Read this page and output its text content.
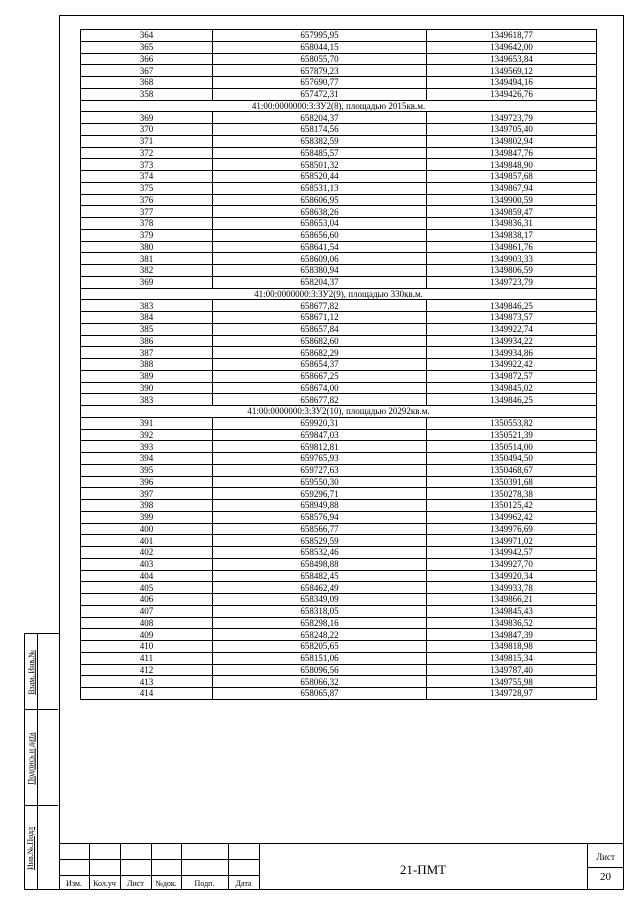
364	657995,95	1349618,77
365	658044,15	1349642,00
366	658055,70	1349653,84
367	657879,23	1349569,12
368	657690,77	1349494,16
358	657472,31	1349426,76
41:00:0000000:3:ЗУ2(8), площадью 2015кв.м.		
369	658204,37	1349723,79
370	658174,56	1349705,40
371	658382,59	1349802,94
372	658485,57	1349847,76
373	658501,32	1349848,90
374	658520,44	1349857,68
375	658531,13	1349867,94
376	658606,95	1349900,59
377	658638,26	1349859,47
378	658653,04	1349836,31
379	658656,60	1349838,17
380	658641,54	1349861,76
381	658609,06	1349903,33
382	658380,94	1349806,59
369	658204,37	1349723,79
41:00:0000000:3:ЗУ2(9), площадью 330кв.м.		
383	658677,82	1349846,25
384	658671,12	1349873,57
385	658657,84	1349922,74
386	658682,60	1349934,22
387	658682,29	1349934,86
388	658654,37	1349922,42
389	658667,25	1349872,57
390	658674,00	1349845,02
383	658677,82	1349846,25
41:00:0000000:3:ЗУ2(10), площадью 20292кв.м.		
391	659920,31	1350553,82
392	659847,03	1350521,39
393	659812,81	1350514,00
394	659765,93	1350494,50
395	659727,63	1350468,67
396	659550,30	1350391,68
397	659296,71	1350278,38
398	658949,88	1350125,42
399	658576,94	1349962,42
400	658566,77	1349976,69
401	658529,59	1349971,02
402	658532,46	1349942,57
403	658498,88	1349927,70
404	658482,45	1349920,34
405	658462,49	1349933,78
406	658349,09	1349866,21
407	658318,05	1349845,43
408	658298,16	1349836,52
409	658248,22	1349847,39
410	658205,65	1349818,98
411	658151,06	1349815,34
412	658096,56	1349787,40
413	658066,32	1349755,98
414	658065,87	1349728,97
Взам. Инв.№
Подпись и дата
Инв.№.Подл
Изм.	Кол.уч	Лист	№док.	Подп.	Дата
21-ПМТ
Лист
20
